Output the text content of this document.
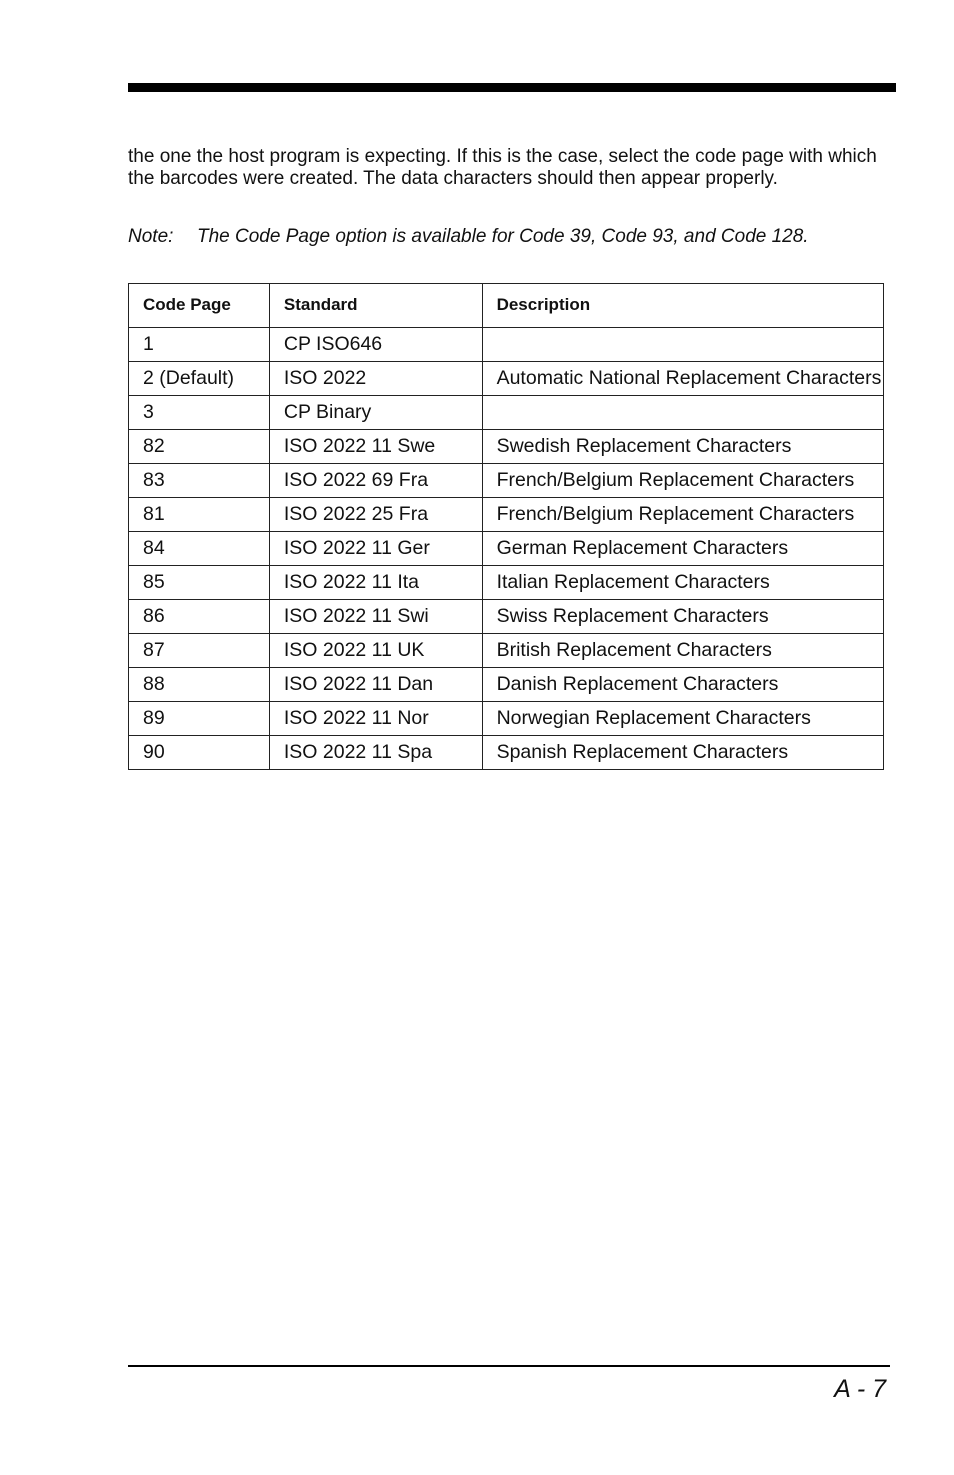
the one the host program is expecting. If this is the case, select the code page with which the barcodes were created. The data characters should then appear properly.

Note: The Code Page option is available for Code 39, Code 93, and Code 128.

Code Page	Standard	Description
1	CP ISO646	
2 (Default)	ISO 2022	Automatic National Replacement Characters
3	CP Binary	
82	ISO 2022 11 Swe	Swedish Replacement Characters
83	ISO 2022 69 Fra	French/Belgium Replacement Characters
81	ISO 2022 25 Fra	French/Belgium Replacement Characters
84	ISO 2022 11 Ger	German Replacement Characters
85	ISO 2022 11 Ita	Italian Replacement Characters
86	ISO 2022 11 Swi	Swiss Replacement Characters
87	ISO 2022 11 UK	British Replacement Characters
88	ISO 2022 11 Dan	Danish Replacement Characters
89	ISO 2022 11 Nor	Norwegian Replacement Characters
90	ISO 2022 11 Spa	Spanish Replacement Characters
A - 7
